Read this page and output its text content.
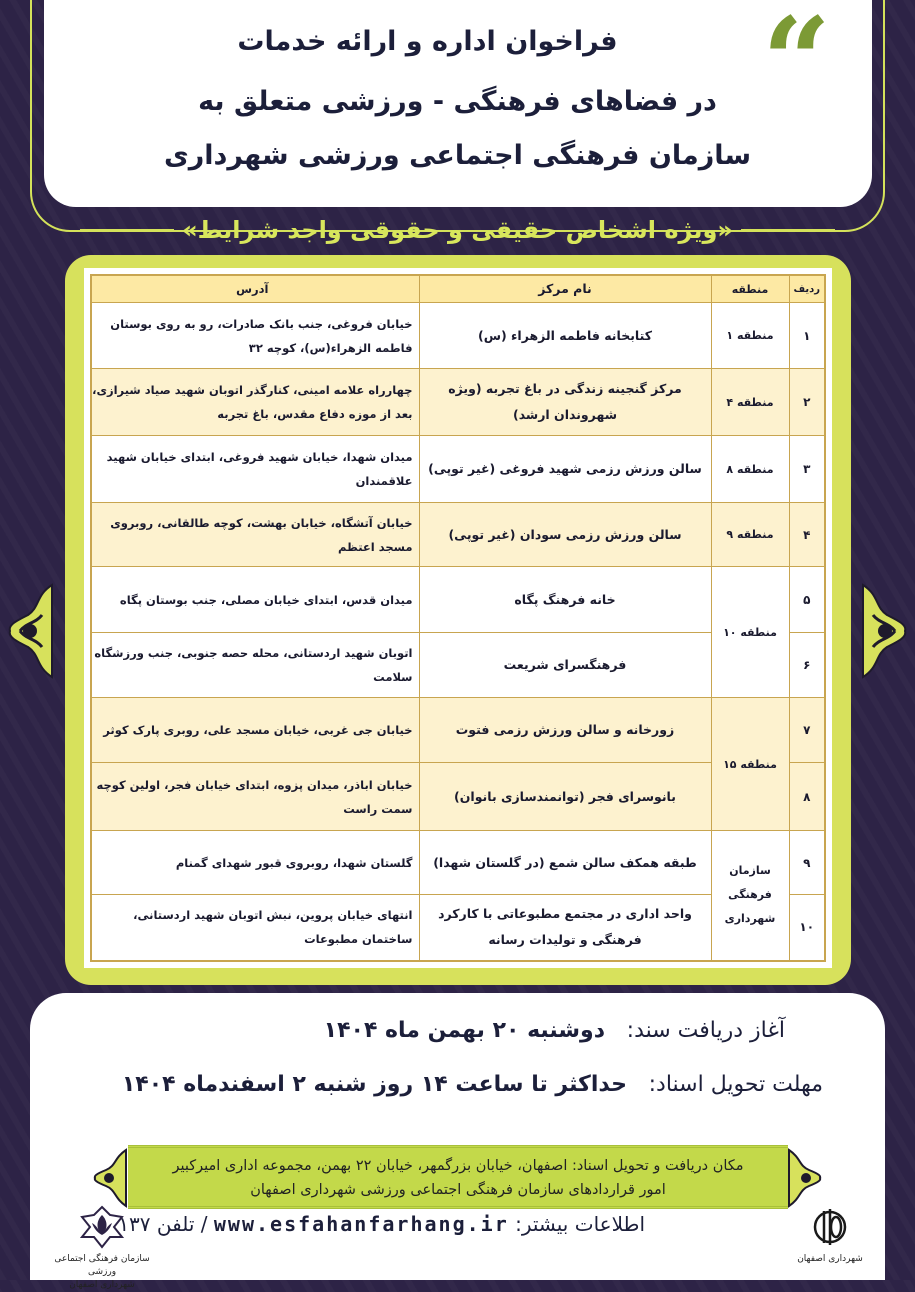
“
فراخوان اداره و ارائه خدمات
در فضاهای فرهنگی - ورزشی متعلق به
سازمان فرهنگی اجتماعی ورزشی شهرداری
«ویژه اشخاص حقیقی و حقوقی واجد شرایط»
ردیف	منطقه	نام مرکز	آدرس
۱	منطقه ۱	کتابخانه فاطمه الزهراء (س)	خیابان فروغی، جنب بانک صادرات، رو به روی بوستان فاطمه الزهراء(س)، کوچه ۳۲
۲	منطقه ۴	مرکز گنجینه زندگی در باغ تجربه (ویژه شهروندان ارشد)	چهارراه علامه امینی، کنارگذر اتوبان شهید صیاد شیرازی، بعد از موزه دفاع مقدس، باغ تجربه
۳	منطقه ۸	سالن ورزش رزمی شهید فروغی (غیر توپی)	میدان شهدا، خیابان شهید فروغی، ابتدای خیابان شهید علاقمندان
۴	منطقه ۹	سالن ورزش رزمی سودان (غیر توپی)	خیابان آتشگاه، خیابان بهشت، کوچه طالقانی، روبروی مسجد اعتظم
۵	منطقه ۱۰	خانه فرهنگ پگاه	میدان قدس، ابتدای خیابان مصلی، جنب بوستان پگاه
۶		فرهنگسرای شریعت	اتوبان شهید اردستانی، محله حصه جنوبی، جنب ورزشگاه سلامت
۷	منطقه ۱۵	زورخانه و سالن ورزش رزمی فتوت	خیابان جی غربی، خیابان مسجد علی، روبری پارک کوثر
۸		بانوسرای فجر (توانمندسازی بانوان)	خیابان اباذر، میدان پزوه، ابتدای خیابان فجر، اولین کوچه سمت راست
۹	سازمان فرهنگی شهرداری	طبقه همکف سالن شمع (در گلستان شهدا)	گلستان شهدا، روبروی قبور شهدای گمنام
۱۰		واحد اداری در مجتمع مطبوعاتی با کارکرد فرهنگی و تولیدات رسانه	انتهای خیابان پروین، نبش اتوبان شهید اردستانی، ساختمان مطبوعات
آغاز دریافت سند: دوشنبه ۲۰ بهمن ماه ۱۴۰۴
مهلت تحویل اسناد: حداکثر تا ساعت ۱۴ روز شنبه ۲ اسفندماه ۱۴۰۴
مکان دریافت و تحویل اسناد: اصفهان، خیابان بزرگمهر، خیابان ۲۲ بهمن، مجموعه اداری امیرکبیر
امور قراردادهای سازمان فرهنگی اجتماعی ورزشی شهرداری اصفهان
اطلاعات بیشتر: www.esfahanfarhang.ir / تلفن ۱۳۷
سازمان فرهنگی اجتماعی ورزشی
شهرداری اصفهان
شهرداری اصفهان
